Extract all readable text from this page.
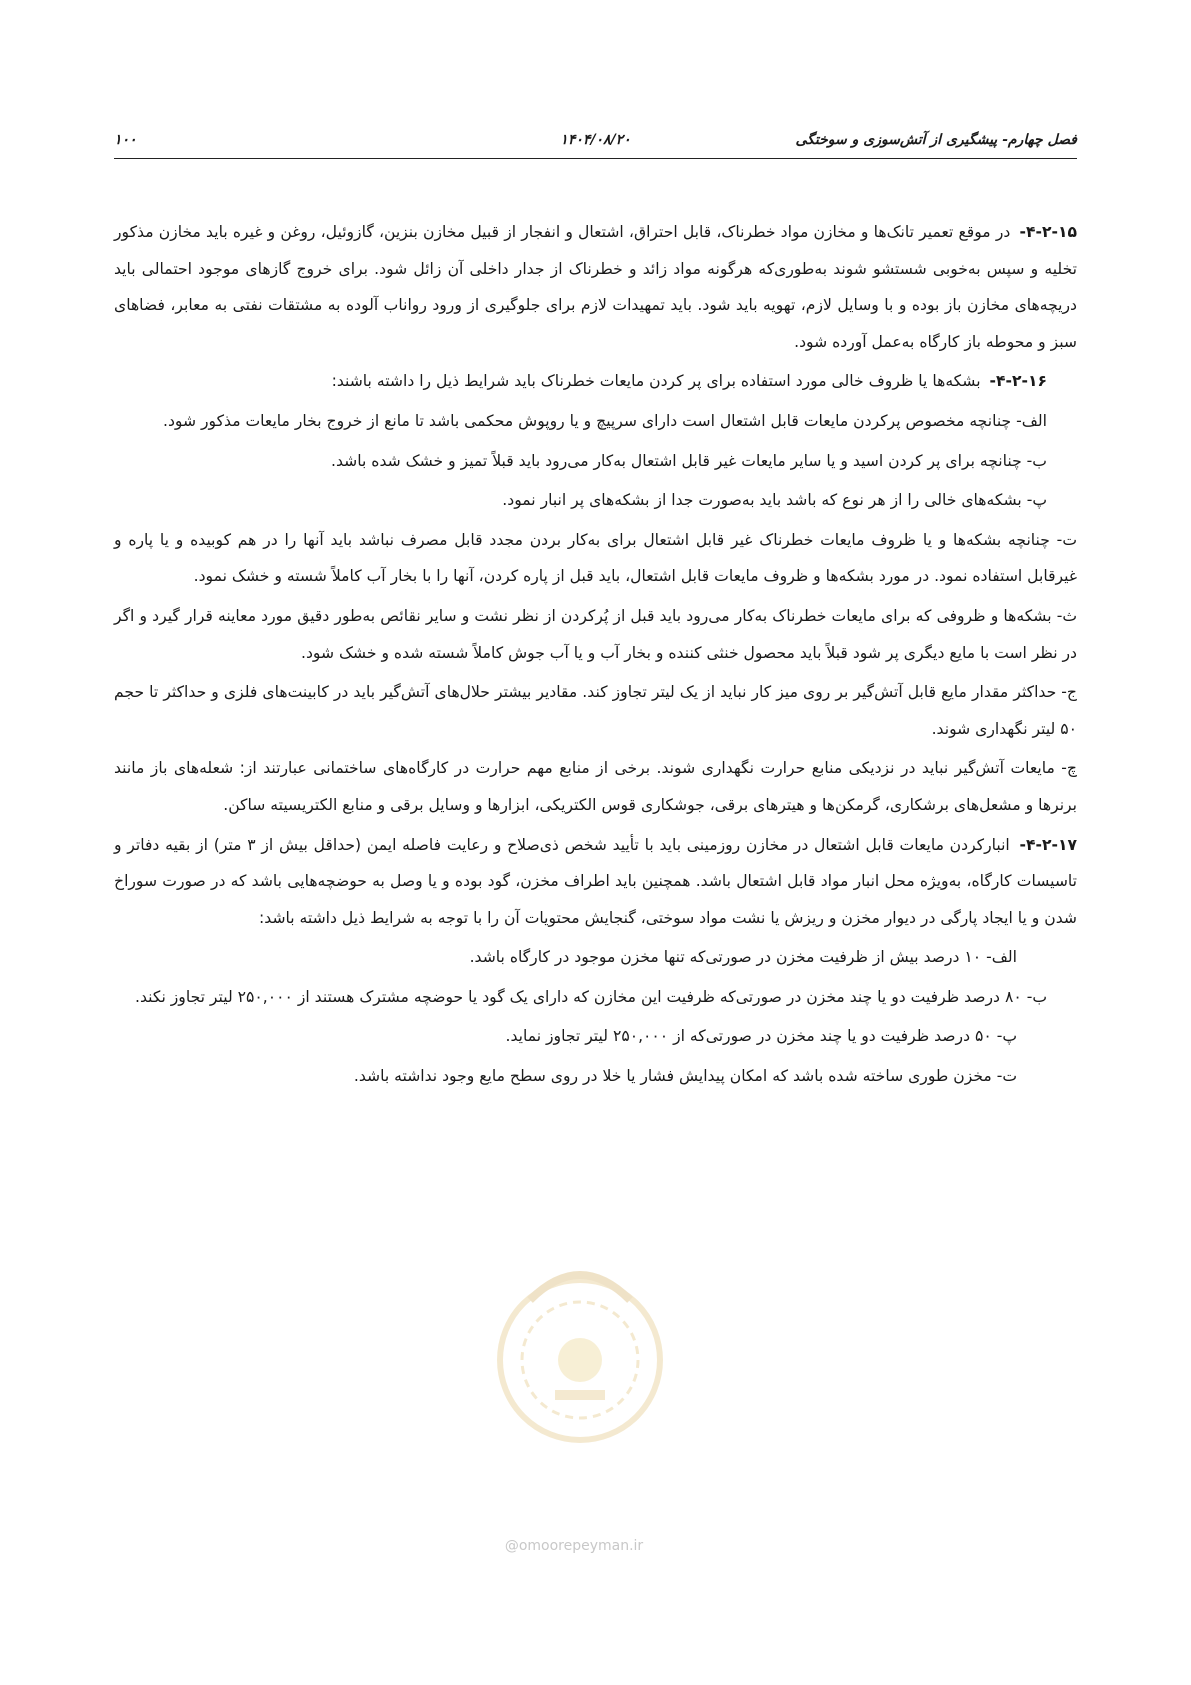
۱۰۰	۱۴۰۴/۰۸/۲۰	فصل چهارم- پیشگیری از آتش‌سوزی و سوختگی

۴-۲-۱۵- در موقع تعمیر تانک‌ها و مخازن مواد خطرناک، قابل احتراق، اشتعال و انفجار از قبیل مخازن بنزین، گازوئیل، روغن و غیره باید مخازن مذکور تخلیه و سپس به‌خوبی شستشو شوند به‌طوری‌که هرگونه مواد زائد و خطرناک از جدار داخلی آن زائل شود. برای خروج گازهای موجود احتمالی باید دریچه‌های مخازن باز بوده و با وسایل لازم، تهویه باید شود. باید تمهیدات لازم برای جلوگیری از ورود رواناب آلوده به مشتقات نفتی به معابر، فضاهای سبز و محوطه باز کارگاه به‌عمل آورده شود.

۴-۲-۱۶- بشکه‌ها یا ظروف خالی مورد استفاده برای پر کردن مایعات خطرناک باید شرایط ذیل را داشته باشند:

الف- چنانچه مخصوص پرکردن مایعات قابل اشتعال است دارای سرپیچ و یا روپوش محکمی باشد تا مانع از خروج بخار مایعات مذکور شود.

ب- چنانچه برای پر کردن اسید و یا سایر مایعات غیر قابل اشتعال به‌کار می‌رود باید قبلاً تمیز و خشک شده باشد.

پ- بشکه‌های خالی را از هر نوع که باشد باید به‌صورت جدا از بشکه‌های پر انبار نمود.

ت- چنانچه بشکه‌ها و یا ظروف مایعات خطرناک غیر قابل اشتعال برای به‌کار بردن مجدد قابل مصرف نباشد باید آنها را در هم کوبیده و یا پاره و غیرقابل استفاده نمود. در مورد بشکه‌ها و ظروف مایعات قابل اشتعال، باید قبل از پاره کردن، آنها را با بخار آب کاملاً شسته و خشک نمود.

ث- بشکه‌ها و ظروفی که برای مایعات خطرناک به‌کار می‌رود باید قبل از پُرکردن از نظر نشت و سایر نقائص به‌طور دقیق مورد معاینه قرار گیرد و اگر در نظر است با مایع دیگری پر شود قبلاً باید محصول خنثی کننده و بخار آب و یا آب جوش کاملاً شسته شده و خشک شود.

ج- حداکثر مقدار مایع قابل آتش‌گیر بر روی میز کار نباید از یک لیتر تجاوز کند. مقادیر بیشتر حلال‌های آتش‌گیر باید در کابینت‌های فلزی و حداکثر تا حجم ۵۰ لیتر نگهداری شوند.

چ- مایعات آتش‌گیر نباید در نزدیکی منابع حرارت نگهداری شوند. برخی از منابع مهم حرارت در کارگاه‌های ساختمانی عبارتند از: شعله‌های باز مانند برنرها و مشعل‌های برشکاری، گرمکن‌ها و هیترهای برقی، جوشکاری قوس الکتریکی، ابزارها و وسایل برقی و منابع الکتریسیته ساکن.

۴-۲-۱۷- انبارکردن مایعات قابل اشتعال در مخازن روزمینی باید با تأیید شخص ذی‌صلاح و رعایت فاصله ایمن (حداقل بیش از ۳ متر) از بقیه دفاتر و تاسیسات کارگاه، به‌ویژه محل انبار مواد قابل اشتعال باشد. همچنین باید اطراف مخزن، گود بوده و یا وصل به حوضچه‌هایی باشد که در صورت سوراخ شدن و یا ایجاد پارگی در دیوار مخزن و ریزش یا نشت مواد سوختی، گنجایش محتویات آن را با توجه به شرایط ذیل داشته باشد:

الف- ۱۰ درصد بیش از ظرفیت مخزن در صورتی‌که تنها مخزن موجود در کارگاه باشد.

ب- ۸۰ درصد ظرفیت دو یا چند مخزن در صورتی‌که ظرفیت این مخازن که دارای یک گود یا حوضچه مشترک هستند از ۲۵۰,۰۰۰ لیتر تجاوز نکند.

پ- ۵۰ درصد ظرفیت دو یا چند مخزن در صورتی‌که از ۲۵۰,۰۰۰ لیتر تجاوز نماید.

ت- مخزن طوری ساخته شده باشد که امکان پیدایش فشار یا خلا در روی سطح مایع وجود نداشته باشد.

@omoorepeyman.ir
